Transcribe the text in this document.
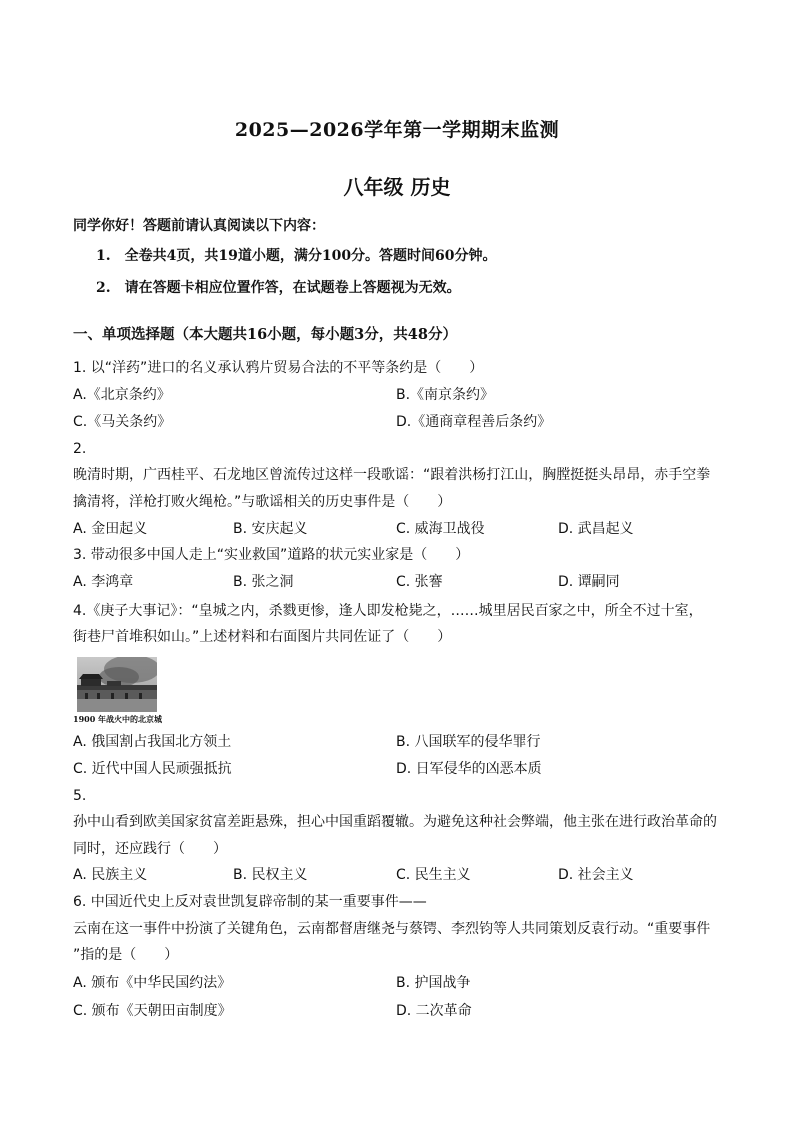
2025—2026学年第一学期期末监测
八年级 历史
同学你好！答题前请认真阅读以下内容：
1.　全卷共4页，共19道小题，满分100分。答题时间60分钟。
2.　请在答题卡相应位置作答，在试题卷上答题视为无效。
一、单项选择题（本大题共16小题，每小题3分，共48分）
1. 以“洋药”进口的名义承认鸦片贸易合法的不平等条约是（　　）
A.《北京条约》	B.《南京条约》
C.《马关条约》	D.《通商章程善后条约》
2.
晚清时期，广西桂平、石龙地区曾流传过这样一段歌谣：“跟着洪杨打江山，胸膛挺挺头昂昂，赤手空拳
擒清将，洋枪打败火绳枪。”与歌谣相关的历史事件是（　　）
A. 金田起义	B. 安庆起义	C. 威海卫战役	D. 武昌起义
3. 带动很多中国人走上“实业救国”道路的状元实业家是（　　）
A. 李鸿章	B. 张之洞	C. 张謇	D. 谭嗣同
4.《庚子大事记》：“皇城之内，杀戮更惨，逢人即发枪毙之，……城里居民百家之中，所全不过十室，
街巷尸首堆积如山。”上述材料和右面图片共同佐证了（　　）
1900 年战火中的北京城
A. 俄国割占我国北方领土	B. 八国联军的侵华罪行
C. 近代中国人民顽强抵抗	D. 日军侵华的凶恶本质
5.
孙中山看到欧美国家贫富差距悬殊，担心中国重蹈覆辙。为避免这种社会弊端，他主张在进行政治革命的
同时，还应践行（　　）
A. 民族主义	B. 民权主义	C. 民生主义	D. 社会主义
6. 中国近代史上反对袁世凯复辟帝制的某一重要事件——
云南在这一事件中扮演了关键角色，云南都督唐继尧与蔡锷、李烈钧等人共同策划反袁行动。“重要事件
”指的是（　　）
A. 颁布《中华民国约法》	B. 护国战争
C. 颁布《天朝田亩制度》	D. 二次革命
